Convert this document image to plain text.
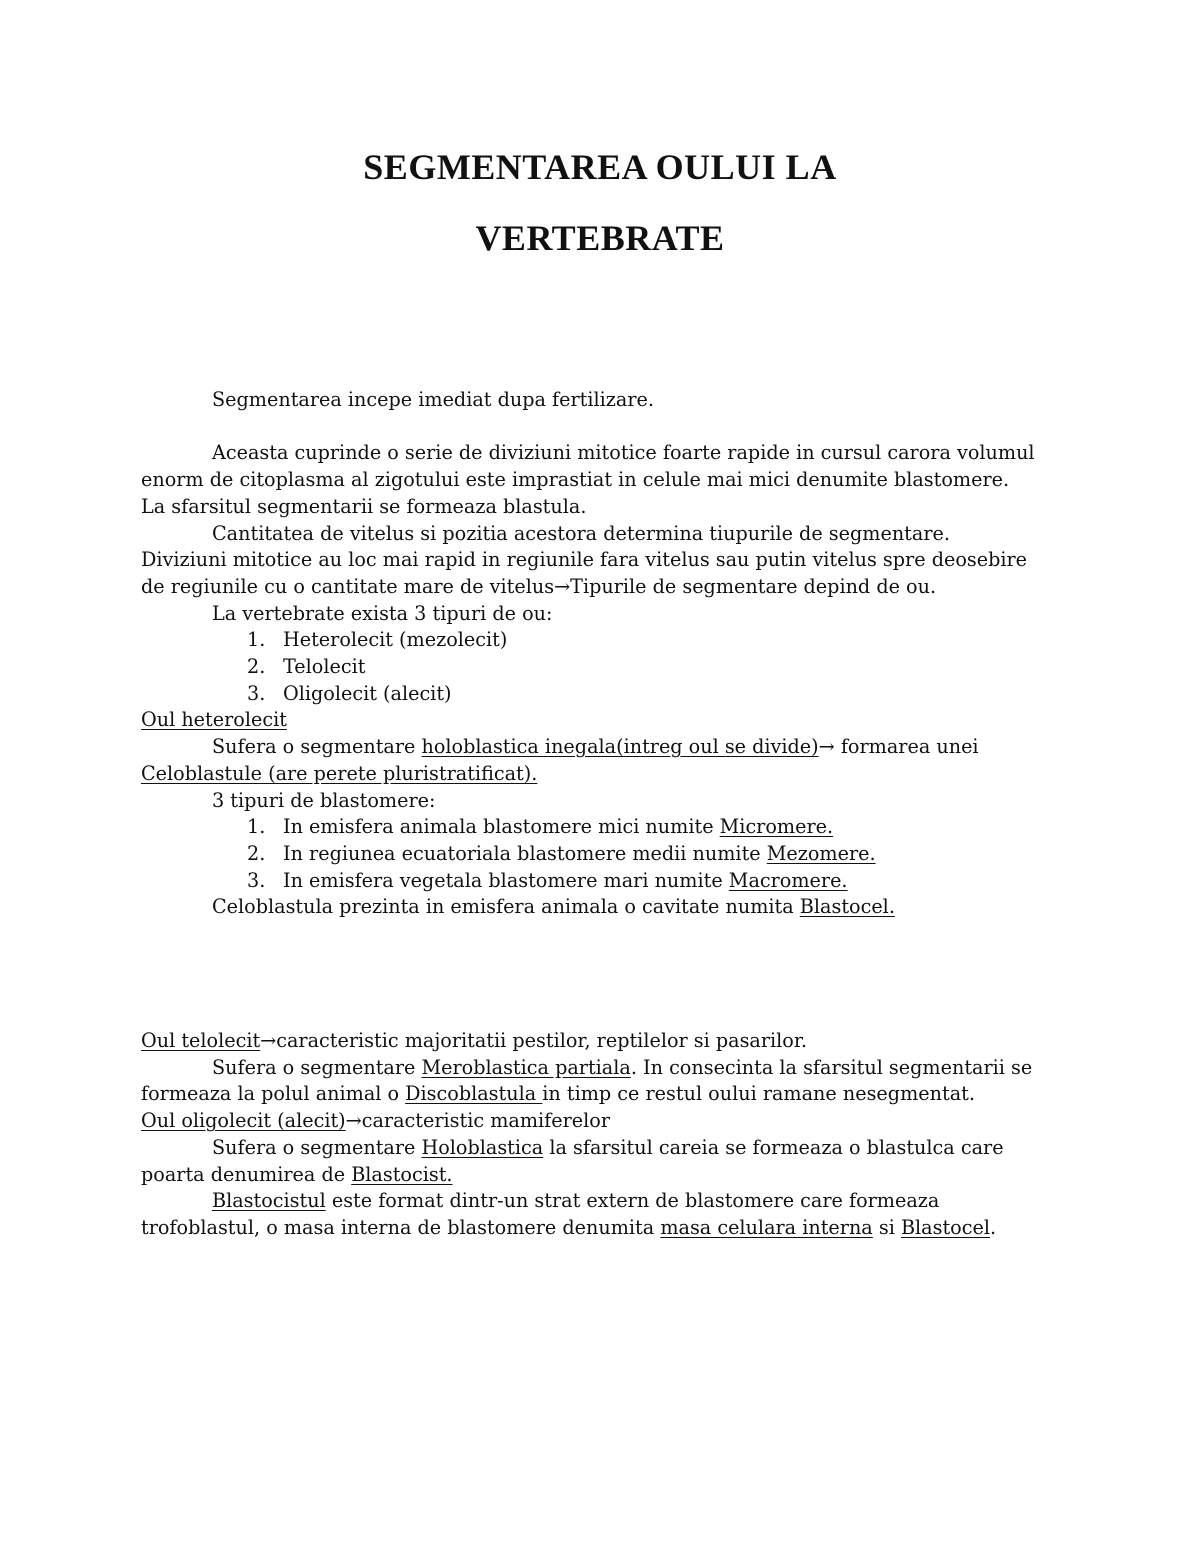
SEGMENTAREA OULUI LA
VERTEBRATE

Segmentarea incepe imediat dupa fertilizare.

Aceasta cuprinde o serie de diviziuni mitotice foarte rapide in cursul carora volumul

enorm de citoplasma al zigotului este imprastiat in celule mai mici denumite blastomere.

La sfarsitul segmentarii se formeaza blastula.

Cantitatea de vitelus si pozitia acestora determina tiupurile de segmentare.

Diviziuni mitotice au loc mai rapid in regiunile fara vitelus sau putin vitelus spre deosebire

de regiunile cu o cantitate mare de vitelus→Tipurile de segmentare depind de ou.

La vertebrate exista 3 tipuri de ou:

1. Heterolecit (mezolecit)
2. Telolecit
3. Oligolecit (alecit)

Oul heterolecit

Sufera o segmentare holoblastica inegala(intreg oul se divide)→ formarea unei

Celoblastule (are perete pluristratificat).

3 tipuri de blastomere:

1. In emisfera animala blastomere mici numite Micromere.
2. In regiunea ecuatoriala blastomere medii numite Mezomere.
3. In emisfera vegetala blastomere mari numite Macromere.

Celoblastula prezinta in emisfera animala o cavitate numita Blastocel.

Oul telolecit→caracteristic majoritatii pestilor, reptilelor si pasarilor.

Sufera o segmentare Meroblastica partiala. In consecinta la sfarsitul segmentarii se

formeaza la polul animal o Discoblastula in timp ce restul oului ramane nesegmentat.

Oul oligolecit (alecit)→caracteristic mamiferelor

Sufera o segmentare Holoblastica la sfarsitul careia se formeaza o blastulca care

poarta denumirea de Blastocist.

Blastocistul este format dintr-un strat extern de blastomere care formeaza

trofoblastul, o masa interna de blastomere denumita masa celulara interna si Blastocel.
